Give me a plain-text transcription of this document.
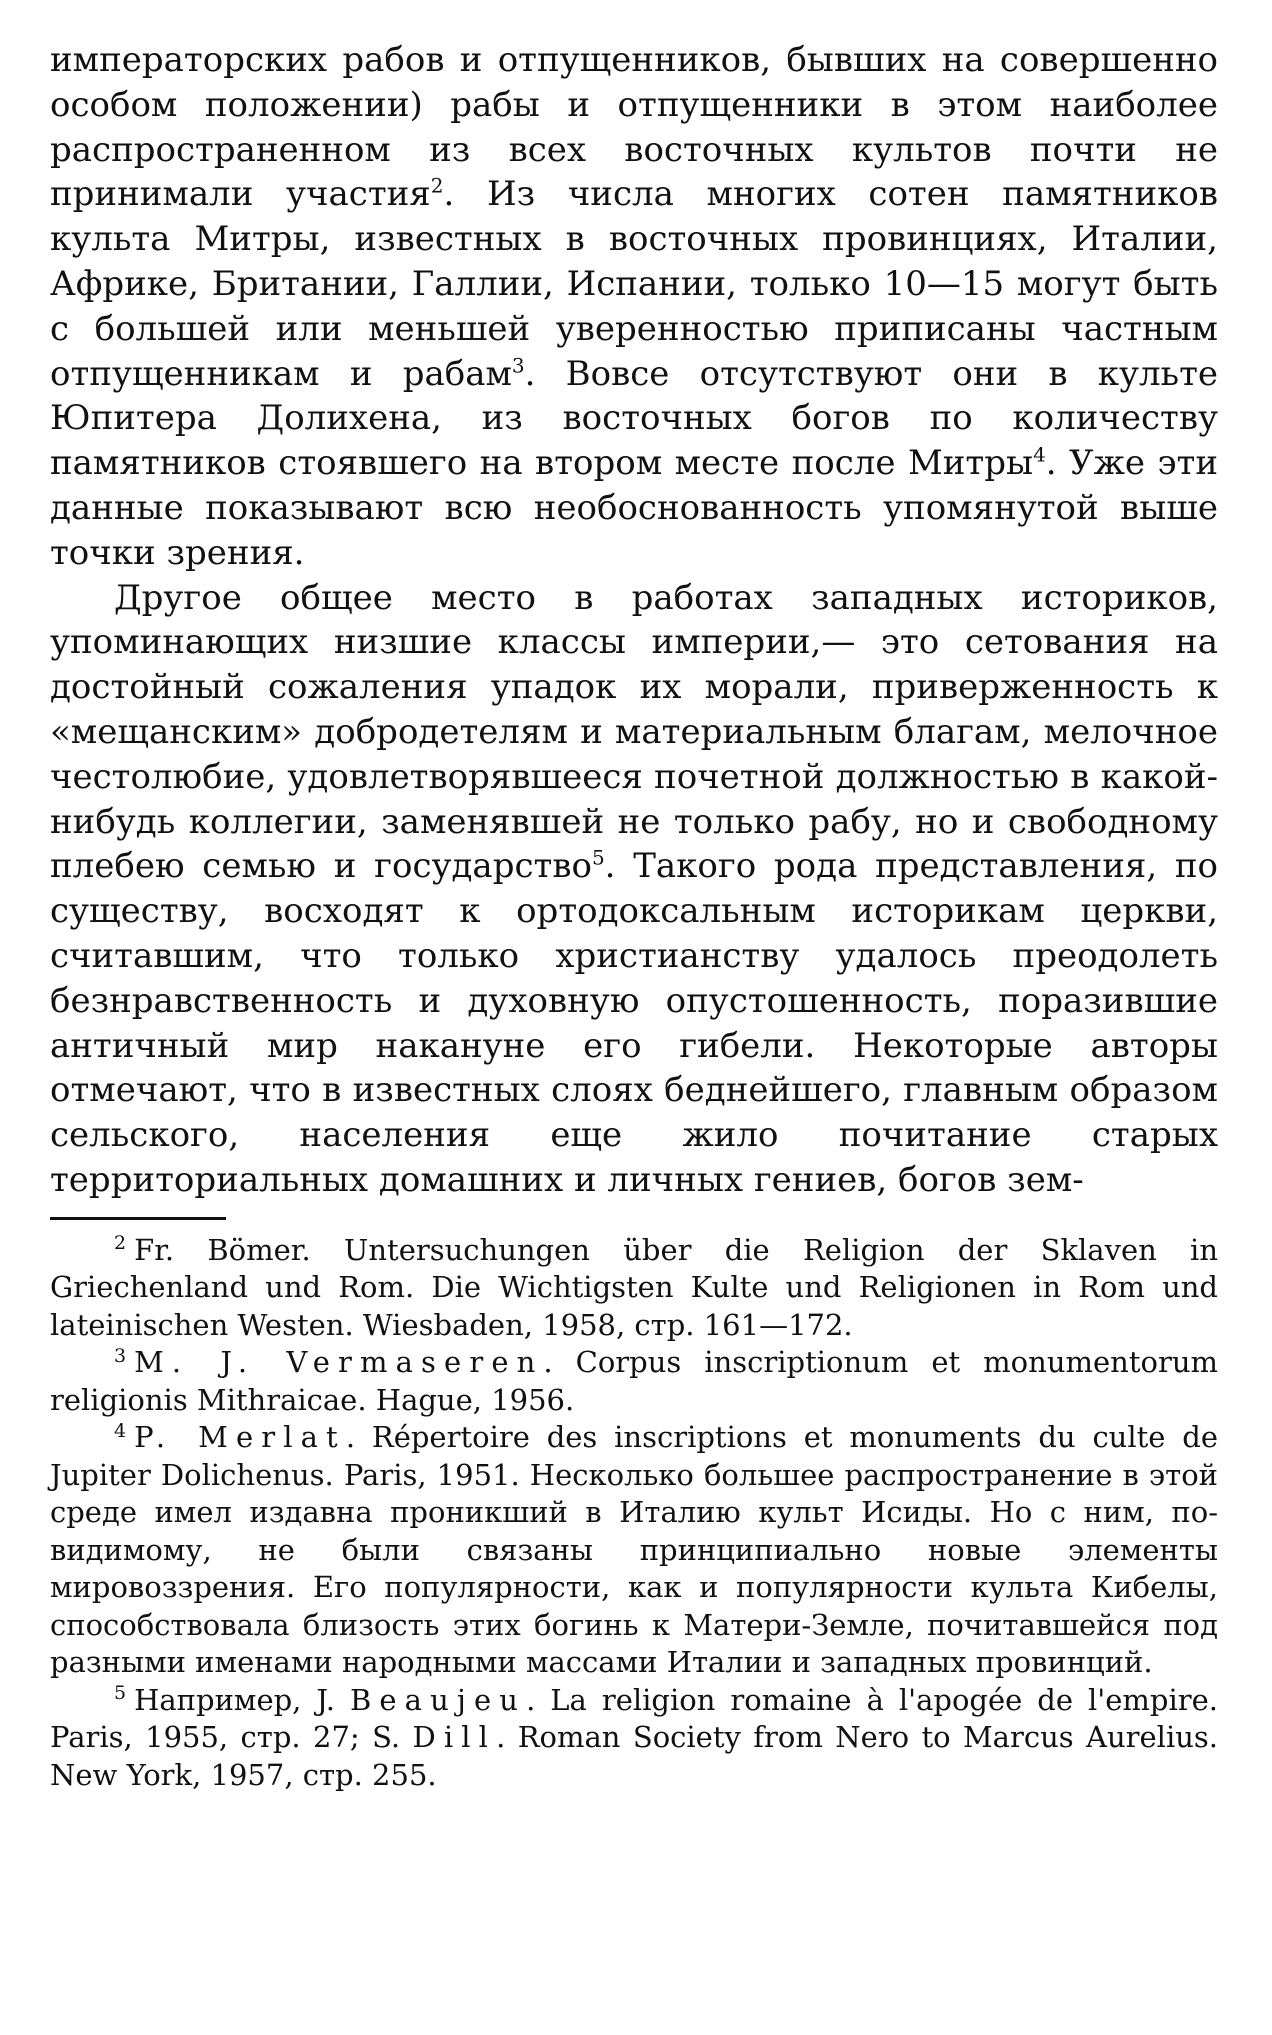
императорских рабов и отпущенников, бывших на совершенно особом положении) рабы и отпущенники в этом наиболее распространенном из всех восточных культов почти не принимали участия$^2$. Из числа многих сотен памятников культа Митры, известных в восточных провинциях, Италии, Африке, Британии, Галлии, Испании, только 10—15 могут быть с большей или меньшей уверенностью приписаны частным отпущенникам и рабам$^3$. Вовсе отсутствуют они в культе Юпитера Долихена, из восточных богов по количеству памятников стоявшего на втором месте после Митры$^4$. Уже эти данные показывают всю необоснованность упомянутой выше точки зрения.

Другое общее место в работах западных историков, упоминающих низшие классы империи,— это сетования на достойный сожаления упадок их морали, приверженность к «мещанским» добродетелям и материальным благам, мелочное честолюбие, удовлетворявшееся почетной должностью в какой-нибудь коллегии, заменявшей не только рабу, но и свободному плебею семью и государство$^5$. Такого рода представления, по существу, восходят к ортодоксальным историкам церкви, считавшим, что только христианству удалось преодолеть безнравственность и духовную опустошенность, поразившие античный мир накануне его гибели. Некоторые авторы отмечают, что в известных слоях беднейшего, главным образом сельского, населения еще жило почитание старых территориальных домашних и личных гениев, богов зем-

$^2$ Fr. Bömer. Untersuchungen über die Religion der Sklaven in Griechenland und Rom. Die Wichtigsten Kulte und Religionen in Rom und lateinischen Westen. Wiesbaden, 1958, стр. 161—172.

$^3$ M. J. Vermaseren. Corpus inscriptionum et monumentorum religionis Mithraicae. Hague, 1956.

$^4$ P. Merlat. Répertoire des inscriptions et monuments du culte de Jupiter Dolichenus. Paris, 1951. Несколько большее распространение в этой среде имел издавна проникший в Италию культ Исиды. Но с ним, по-видимому, не были связаны принципиально новые элементы мировоззрения. Его популярности, как и популярности культа Кибелы, способствовала близость этих богинь к Матери-Земле, почитавшейся под разными именами народными массами Италии и западных провинций.

$^5$ Например, J. Beaujeu. La religion romaine à l'apogée de l'empire. Paris, 1955, стр. 27; S. Dill. Roman Society from Nero to Marcus Aurelius. New York, 1957, стр. 255.
